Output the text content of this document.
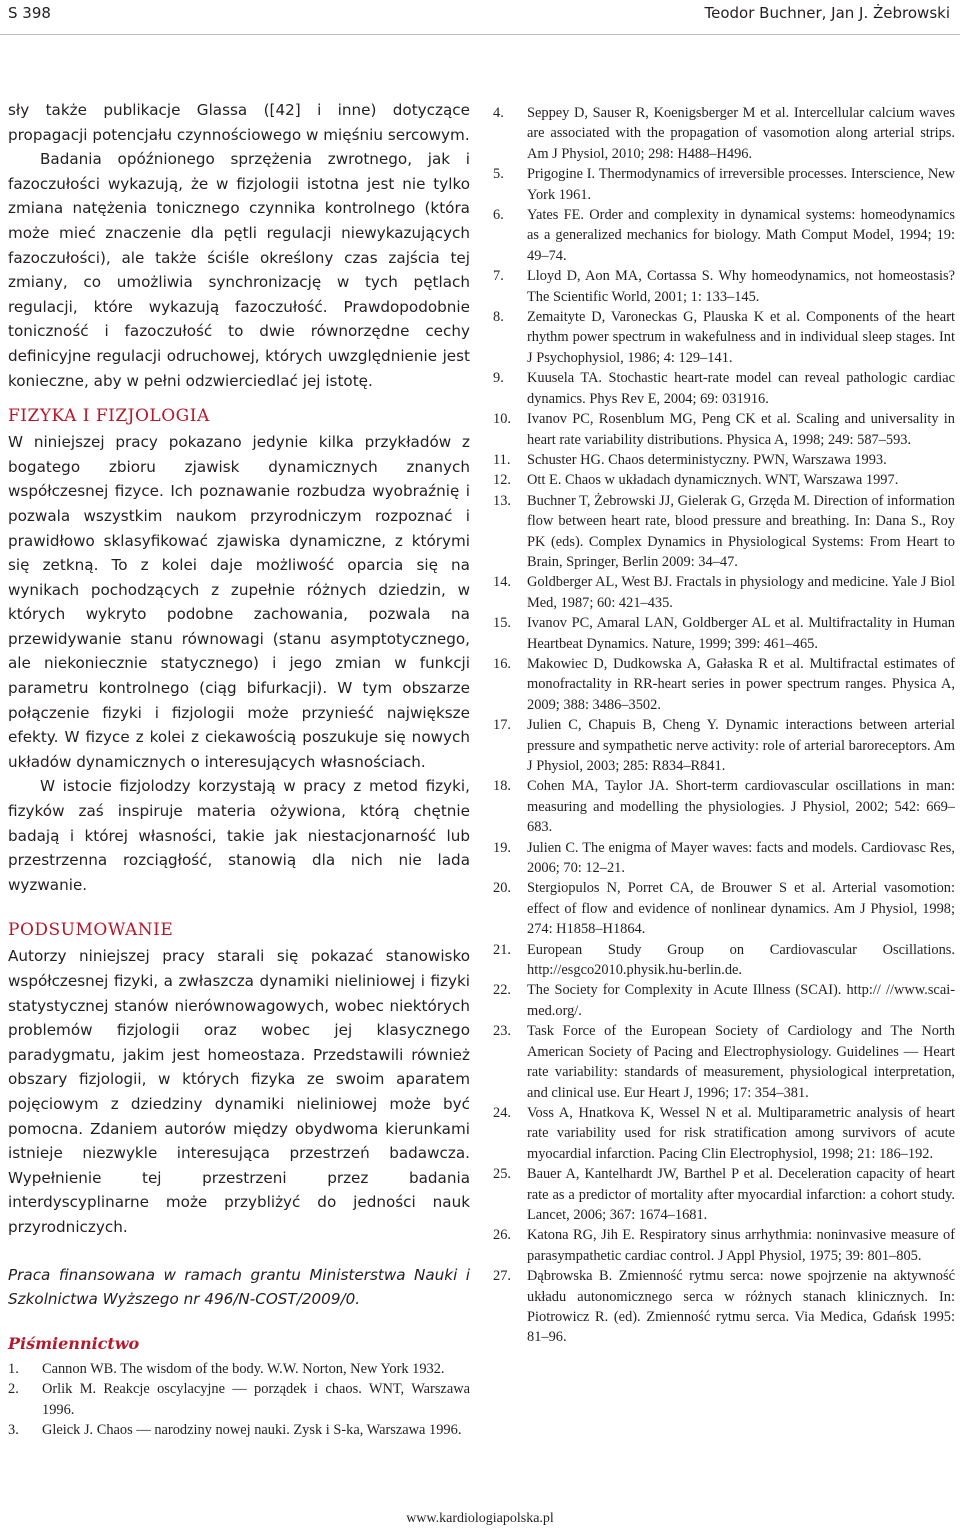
S 398	Teodor Buchner, Jan J. Żebrowski

sły także publikacje Glassa ([42] i inne) dotyczące propagacji potencjału czynnościowego w mięśniu sercowym.

Badania opóźnionego sprzężenia zwrotnego, jak i fazoczułości wykazują, że w fizjologii istotna jest nie tylko zmiana natężenia tonicznego czynnika kontrolnego (która może mieć znaczenie dla pętli regulacji niewykazujących fazoczułości), ale także ściśle określony czas zajścia tej zmiany, co umożliwia synchronizację w tych pętlach regulacji, które wykazują fazoczułość. Prawdopodobnie toniczność i fazoczułość to dwie równorzędne cechy definicyjne regulacji odruchowej, których uwzględnienie jest konieczne, aby w pełni odzwierciedlać jej istotę.

FIZYKA I FIZJOLOGIA

W niniejszej pracy pokazano jedynie kilka przykładów z bogatego zbioru zjawisk dynamicznych znanych współczesnej fizyce. Ich poznawanie rozbudza wyobraźnię i pozwala wszystkim naukom przyrodniczym rozpoznać i prawidłowo sklasyfikować zjawiska dynamiczne, z którymi się zetkną. To z kolei daje możliwość oparcia się na wynikach pochodzących z zupełnie różnych dziedzin, w których wykryto podobne zachowania, pozwala na przewidywanie stanu równowagi (stanu asymptotycznego, ale niekoniecznie statycznego) i jego zmian w funkcji parametru kontrolnego (ciąg bifurkacji). W tym obszarze połączenie fizyki i fizjologii może przynieść największe efekty. W fizyce z kolei z ciekawością poszukuje się nowych układów dynamicznych o interesujących własnościach.

W istocie fizjolodzy korzystają w pracy z metod fizyki, fizyków zaś inspiruje materia ożywiona, którą chętnie badają i której własności, takie jak niestacjonarność lub przestrzenna rozciągłość, stanowią dla nich nie lada wyzwanie.

PODSUMOWANIE

Autorzy niniejszej pracy starali się pokazać stanowisko współczesnej fizyki, a zwłaszcza dynamiki nieliniowej i fizyki statystycznej stanów nierównowagowych, wobec niektórych problemów fizjologii oraz wobec jej klasycznego paradygmatu, jakim jest homeostaza. Przedstawili również obszary fizjologii, w których fizyka ze swoim aparatem pojęciowym z dziedziny dynamiki nieliniowej może być pomocna. Zdaniem autorów między obydwoma kierunkami istnieje niezwykle interesująca przestrzeń badawcza. Wypełnienie tej przestrzeni przez badania interdyscyplinarne może przybliżyć do jedności nauk przyrodniczych.

Praca finansowana w ramach grantu Ministerstwa Nauki i Szkolnictwa Wyższego nr 496/N-COST/2009/0.

Piśmiennictwo
1. Cannon WB. The wisdom of the body. W.W. Norton, New York 1932.
2. Orlik M. Reakcje oscylacyjne — porządek i chaos. WNT, Warszawa 1996.
3. Gleick J. Chaos — narodziny nowej nauki. Zysk i S-ka, Warszawa 1996.
4. Seppey D, Sauser R, Koenigsberger M et al. Intercellular calcium waves are associated with the propagation of vasomotion along arterial strips. Am J Physiol, 2010; 298: H488–H496.
5. Prigogine I. Thermodynamics of irreversible processes. Interscience, New York 1961.
6. Yates FE. Order and complexity in dynamical systems: homeodynamics as a generalized mechanics for biology. Math Comput Model, 1994; 19: 49–74.
7. Lloyd D, Aon MA, Cortassa S. Why homeodynamics, not homeostasis? The Scientific World, 2001; 1: 133–145.
8. Zemaityte D, Varoneckas G, Plauska K et al. Components of the heart rhythm power spectrum in wakefulness and in individual sleep stages. Int J Psychophysiol, 1986; 4: 129–141.
9. Kuusela TA. Stochastic heart-rate model can reveal pathologic cardiac dynamics. Phys Rev E, 2004; 69: 031916.
10. Ivanov PC, Rosenblum MG, Peng CK et al. Scaling and universality in heart rate variability distributions. Physica A, 1998; 249: 587–593.
11. Schuster HG. Chaos deterministyczny. PWN, Warszawa 1993.
12. Ott E. Chaos w układach dynamicznych. WNT, Warszawa 1997.
13. Buchner T, Żebrowski JJ, Gielerak G, Grzęda M. Direction of information flow between heart rate, blood pressure and breathing. In: Dana S., Roy PK (eds). Complex Dynamics in Physiological Systems: From Heart to Brain, Springer, Berlin 2009: 34–47.
14. Goldberger AL, West BJ. Fractals in physiology and medicine. Yale J Biol Med, 1987; 60: 421–435.
15. Ivanov PC, Amaral LAN, Goldberger AL et al. Multifractality in Human Heartbeat Dynamics. Nature, 1999; 399: 461–465.
16. Makowiec D, Dudkowska A, Gałaska R et al. Multifractal estimates of monofractality in RR-heart series in power spectrum ranges. Physica A, 2009; 388: 3486–3502.
17. Julien C, Chapuis B, Cheng Y. Dynamic interactions between arterial pressure and sympathetic nerve activity: role of arterial baroreceptors. Am J Physiol, 2003; 285: R834–R841.
18. Cohen MA, Taylor JA. Short-term cardiovascular oscillations in man: measuring and modelling the physiologies. J Physiol, 2002; 542: 669–683.
19. Julien C. The enigma of Mayer waves: facts and models. Cardiovasc Res, 2006; 70: 12–21.
20. Stergiopulos N, Porret CA, de Brouwer S et al. Arterial vasomotion: effect of flow and evidence of nonlinear dynamics. Am J Physiol, 1998; 274: H1858–H1864.
21. European Study Group on Cardiovascular Oscillations. http://esgco2010.physik.hu-berlin.de.
22. The Society for Complexity in Acute Illness (SCAI). http:// //www.scai-med.org/.
23. Task Force of the European Society of Cardiology and The North American Society of Pacing and Electrophysiology. Guidelines — Heart rate variability: standards of measurement, physiological interpretation, and clinical use. Eur Heart J, 1996; 17: 354–381.
24. Voss A, Hnatkova K, Wessel N et al. Multiparametric analysis of heart rate variability used for risk stratification among survivors of acute myocardial infarction. Pacing Clin Electrophysiol, 1998; 21: 186–192.
25. Bauer A, Kantelhardt JW, Barthel P et al. Deceleration capacity of heart rate as a predictor of mortality after myocardial infarction: a cohort study. Lancet, 2006; 367: 1674–1681.
26. Katona RG, Jih E. Respiratory sinus arrhythmia: noninvasive measure of parasympathetic cardiac control. J Appl Physiol, 1975; 39: 801–805.
27. Dąbrowska B. Zmienność rytmu serca: nowe spojrzenie na aktywność układu autonomicznego serca w różnych stanach klinicznych. In: Piotrowicz R. (ed). Zmienność rytmu serca. Via Medica, Gdańsk 1995: 81–96.
www.kardiologiapolska.pl
